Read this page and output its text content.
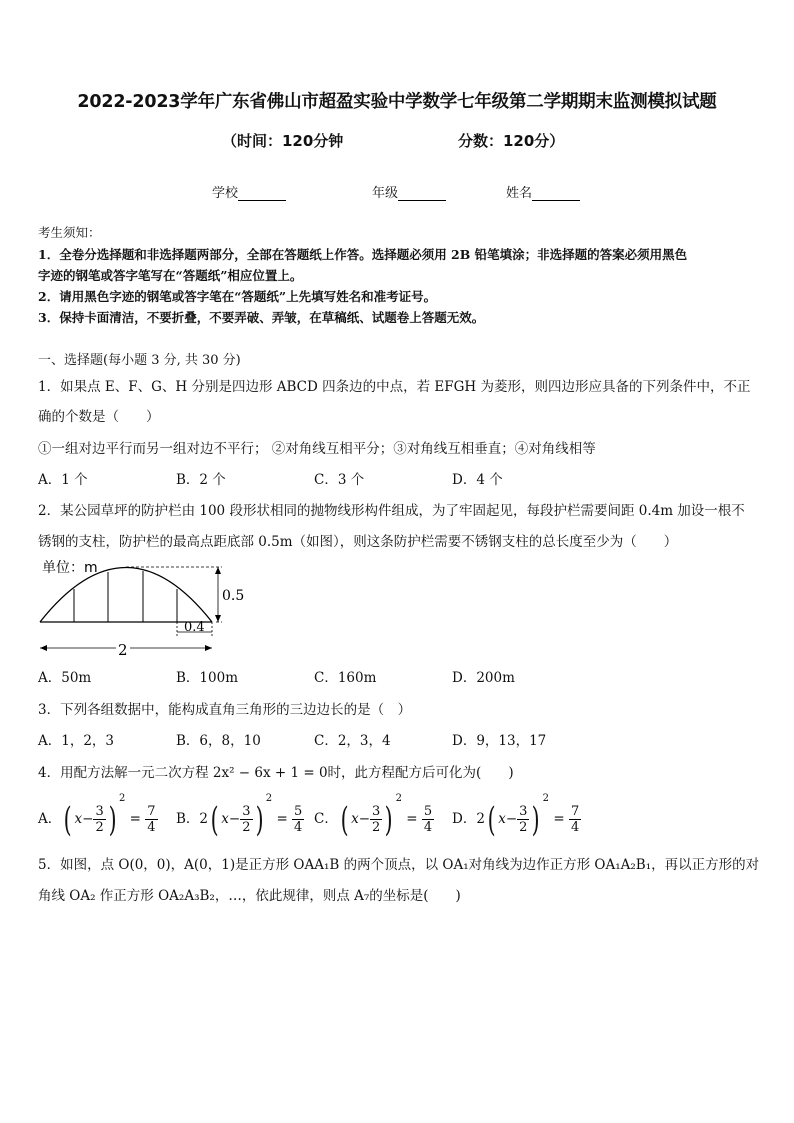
2022-2023学年广东省佛山市超盈实验中学数学七年级第二学期期末监测模拟试题
（时间：120分钟	分数：120分）
学校	年级	姓名
考生须知：
1．全卷分选择题和非选择题两部分，全部在答题纸上作答。选择题必须用 2B 铅笔填涂；非选择题的答案必须用黑色
字迹的钢笔或答字笔写在“答题纸”相应位置上。
2．请用黑色字迹的钢笔或答字笔在“答题纸”上先填写姓名和准考证号。
3．保持卡面清洁，不要折叠，不要弄破、弄皱，在草稿纸、试题卷上答题无效。
一、选择题(每小题 3 分, 共 30 分)
1．如果点 E、F、G、H 分别是四边形 ABCD 四条边的中点，若 EFGH 为菱形，则四边形应具备的下列条件中，不正
确的个数是（　　）
①一组对边平行而另一组对边不平行； ②对角线互相平分；③对角线互相垂直；④对角线相等
A．1 个	B．2 个	C．3 个	D．4 个
2．某公园草坪的防护栏由 100 段形状相同的抛物线形构件组成，为了牢固起见，每段护栏需要间距 0.4m 加设一根不
锈钢的支柱，防护栏的最高点距底部 0.5m（如图），则这条防护栏需要不锈钢支柱的总长度至少为（　　）
单位：m
0.5
0.4
2
A．50m	B．100m	C．160m	D．200m
3．下列各组数据中，能构成直角三角形的三边边长的是（　）
A．1，2，3	B．6，8，10	C．2，3，4	D．9，13，17
4．用配方法解一元二次方程 2x² − 6x + 1 = 0时，此方程配方后可化为(　　)
A．( $x- \frac{3}{2} )^2 = \frac{7}{4}$ B．2( $x- \frac{3}{2} )^2 = \frac{5}{4}$ C．( $x- \frac{3}{2} )^2 = \frac{5}{4}$ D．2( $x- \frac{3}{2} )^2 = \frac{7}{4}$
5．如图，点 O(0，0)，A(0，1)是正方形 OAA₁B 的两个顶点，以 OA₁对角线为边作正方形 OA₁A₂B₁，再以正方形的对
角线 OA₂ 作正方形 OA₂A₃B₂，…，依此规律，则点 A₇的坐标是(　　)
